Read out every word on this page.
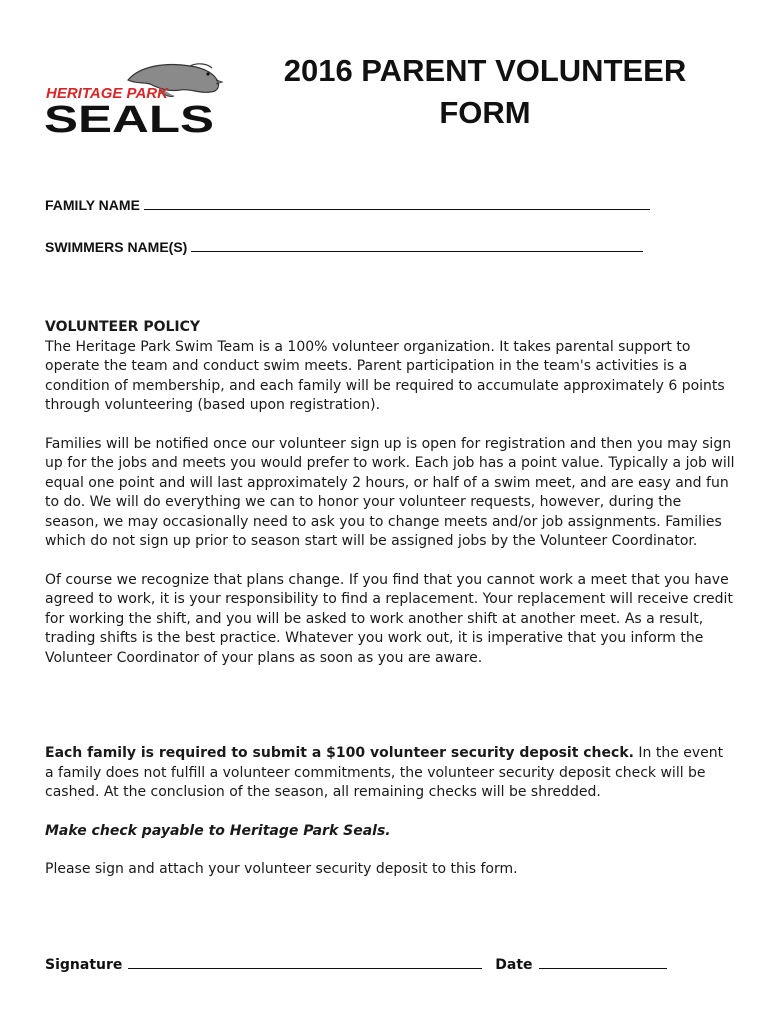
HERITAGE PARK
SEALS
2016 PARENT VOLUNTEER
FORM
FAMILY NAME
SWIMMERS NAME(S)

VOLUNTEER POLICY

The Heritage Park Swim Team is a 100% volunteer organization. It takes parental support to operate the team and conduct swim meets. Parent participation in the team's activities is a condition of membership, and each family will be required to accumulate approximately 6 points through volunteering (based upon registration).

Families will be notified once our volunteer sign up is open for registration and then you may sign up for the jobs and meets you would prefer to work. Each job has a point value. Typically a job will equal one point and will last approximately 2 hours, or half of a swim meet, and are easy and fun to do. We will do everything we can to honor your volunteer requests, however, during the season, we may occasionally need to ask you to change meets and/or job assignments. Families which do not sign up prior to season start will be assigned jobs by the Volunteer Coordinator.

Of course we recognize that plans change. If you find that you cannot work a meet that you have agreed to work, it is your responsibility to find a replacement. Your replacement will receive credit for working the shift, and you will be asked to work another shift at another meet. As a result, trading shifts is the best practice. Whatever you work out, it is imperative that you inform the Volunteer Coordinator of your plans as soon as you are aware.

Each family is required to submit a $100 volunteer security deposit check. In the event a family does not fulfill a volunteer commitments, the volunteer security deposit check will be cashed. At the conclusion of the season, all remaining checks will be shredded.

Make check payable to Heritage Park Seals.

Please sign and attach your volunteer security deposit to this form.

Signature	Date
